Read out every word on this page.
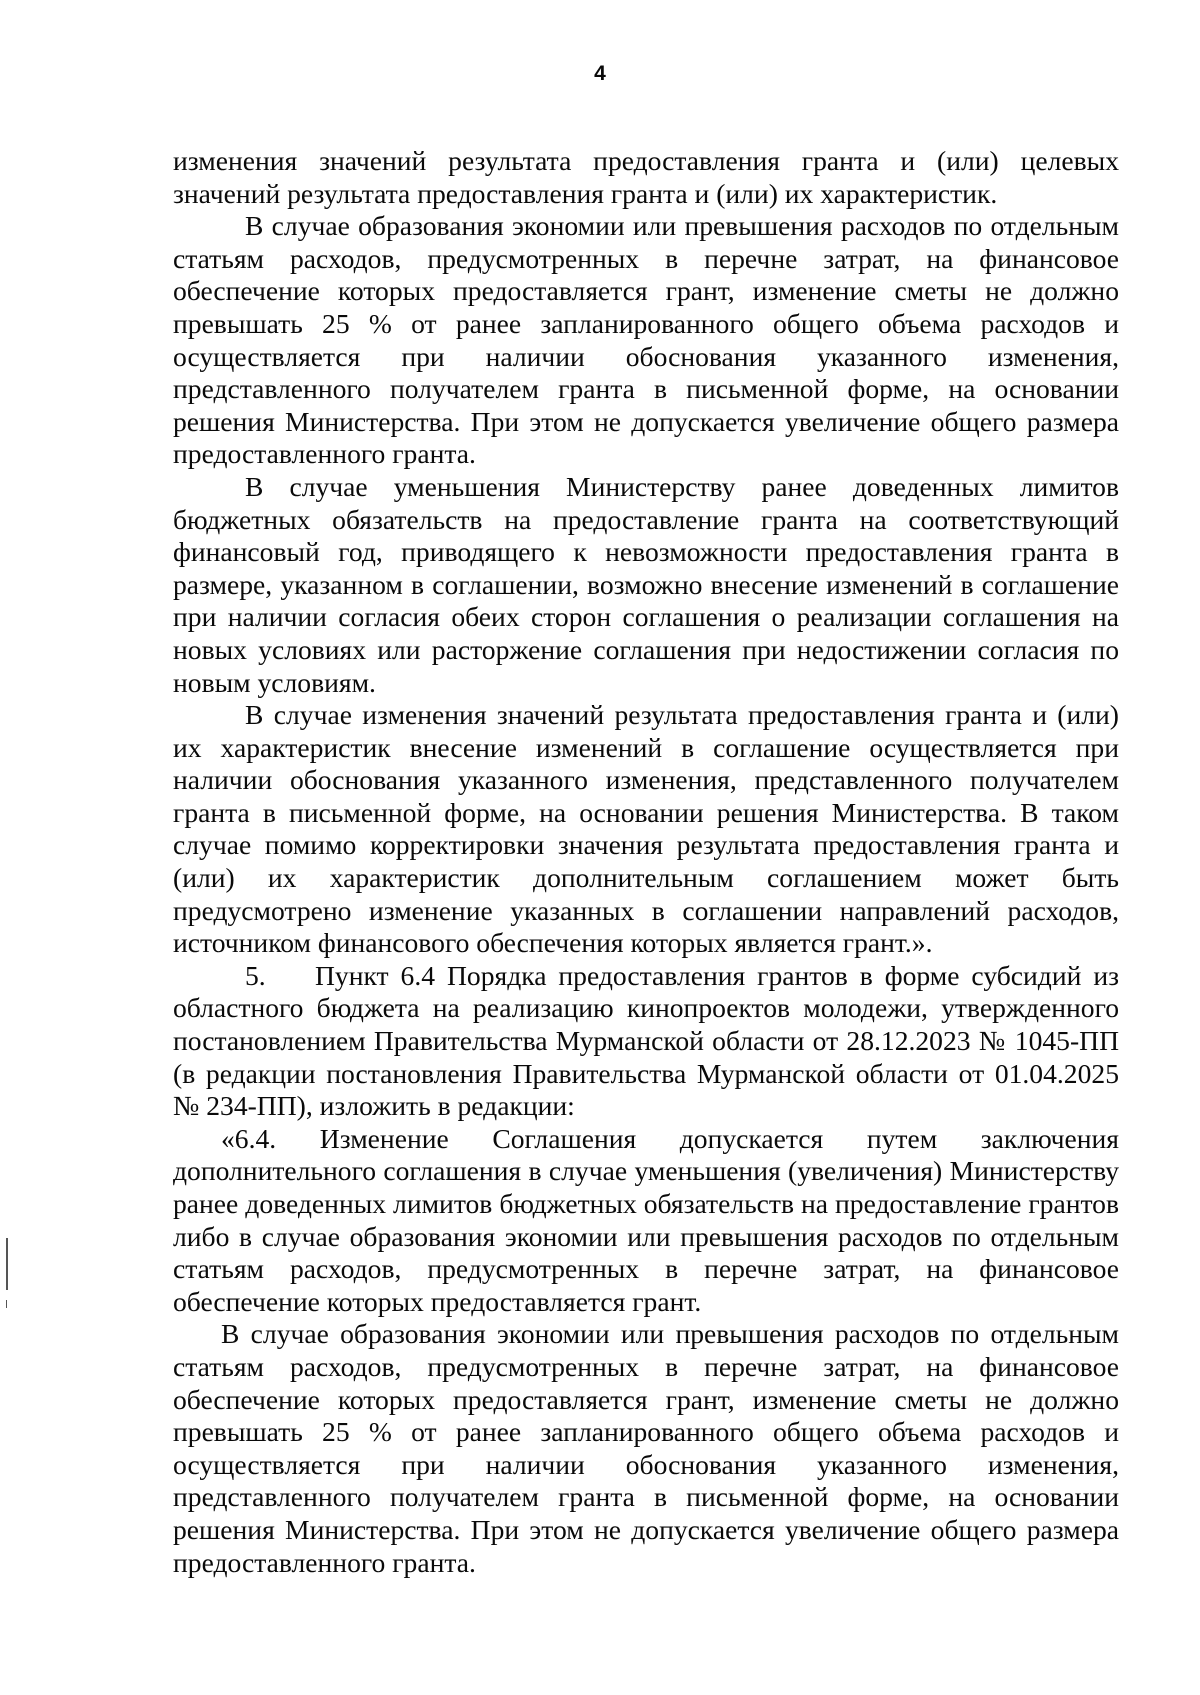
4

изменения значений результата предоставления гранта и (или) целевых значений результата предоставления гранта и (или) их характеристик.

В случае образования экономии или превышения расходов по отдельным статьям расходов, предусмотренных в перечне затрат, на финансовое обеспечение которых предоставляется грант, изменение сметы не должно превышать 25 % от ранее запланированного общего объема расходов и осуществляется при наличии обоснования указанного изменения, представленного получателем гранта в письменной форме, на основании решения Министерства. При этом не допускается увеличение общего размера предоставленного гранта.

В случае уменьшения Министерству ранее доведенных лимитов бюджетных обязательств на предоставление гранта на соответствующий финансовый год, приводящего к невозможности предоставления гранта в размере, указанном в соглашении, возможно внесение изменений в соглашение при наличии согласия обеих сторон соглашения о реализации соглашения на новых условиях или расторжение соглашения при недостижении согласия по новым условиям.

В случае изменения значений результата предоставления гранта и (или) их характеристик внесение изменений в соглашение осуществляется при наличии обоснования указанного изменения, представленного получателем гранта в письменной форме, на основании решения Министерства. В таком случае помимо корректировки значения результата предоставления гранта и (или) их характеристик дополнительным соглашением может быть предусмотрено изменение указанных в соглашении направлений расходов, источником финансового обеспечения которых является грант.».

5. Пункт 6.4 Порядка предоставления грантов в форме субсидий из областного бюджета на реализацию кинопроектов молодежи, утвержденного постановлением Правительства Мурманской области от 28.12.2023 № 1045-ПП (в редакции постановления Правительства Мурманской области от 01.04.2025 № 234-ПП), изложить в редакции:

«6.4. Изменение Соглашения допускается путем заключения дополнительного соглашения в случае уменьшения (увеличения) Министерству ранее доведенных лимитов бюджетных обязательств на предоставление грантов либо в случае образования экономии или превышения расходов по отдельным статьям расходов, предусмотренных в перечне затрат, на финансовое обеспечение которых предоставляется грант.

В случае образования экономии или превышения расходов по отдельным статьям расходов, предусмотренных в перечне затрат, на финансовое обеспечение которых предоставляется грант, изменение сметы не должно превышать 25 % от ранее запланированного общего объема расходов и осуществляется при наличии обоснования указанного изменения, представленного получателем гранта в письменной форме, на основании решения Министерства. При этом не допускается увеличение общего размера предоставленного гранта.
